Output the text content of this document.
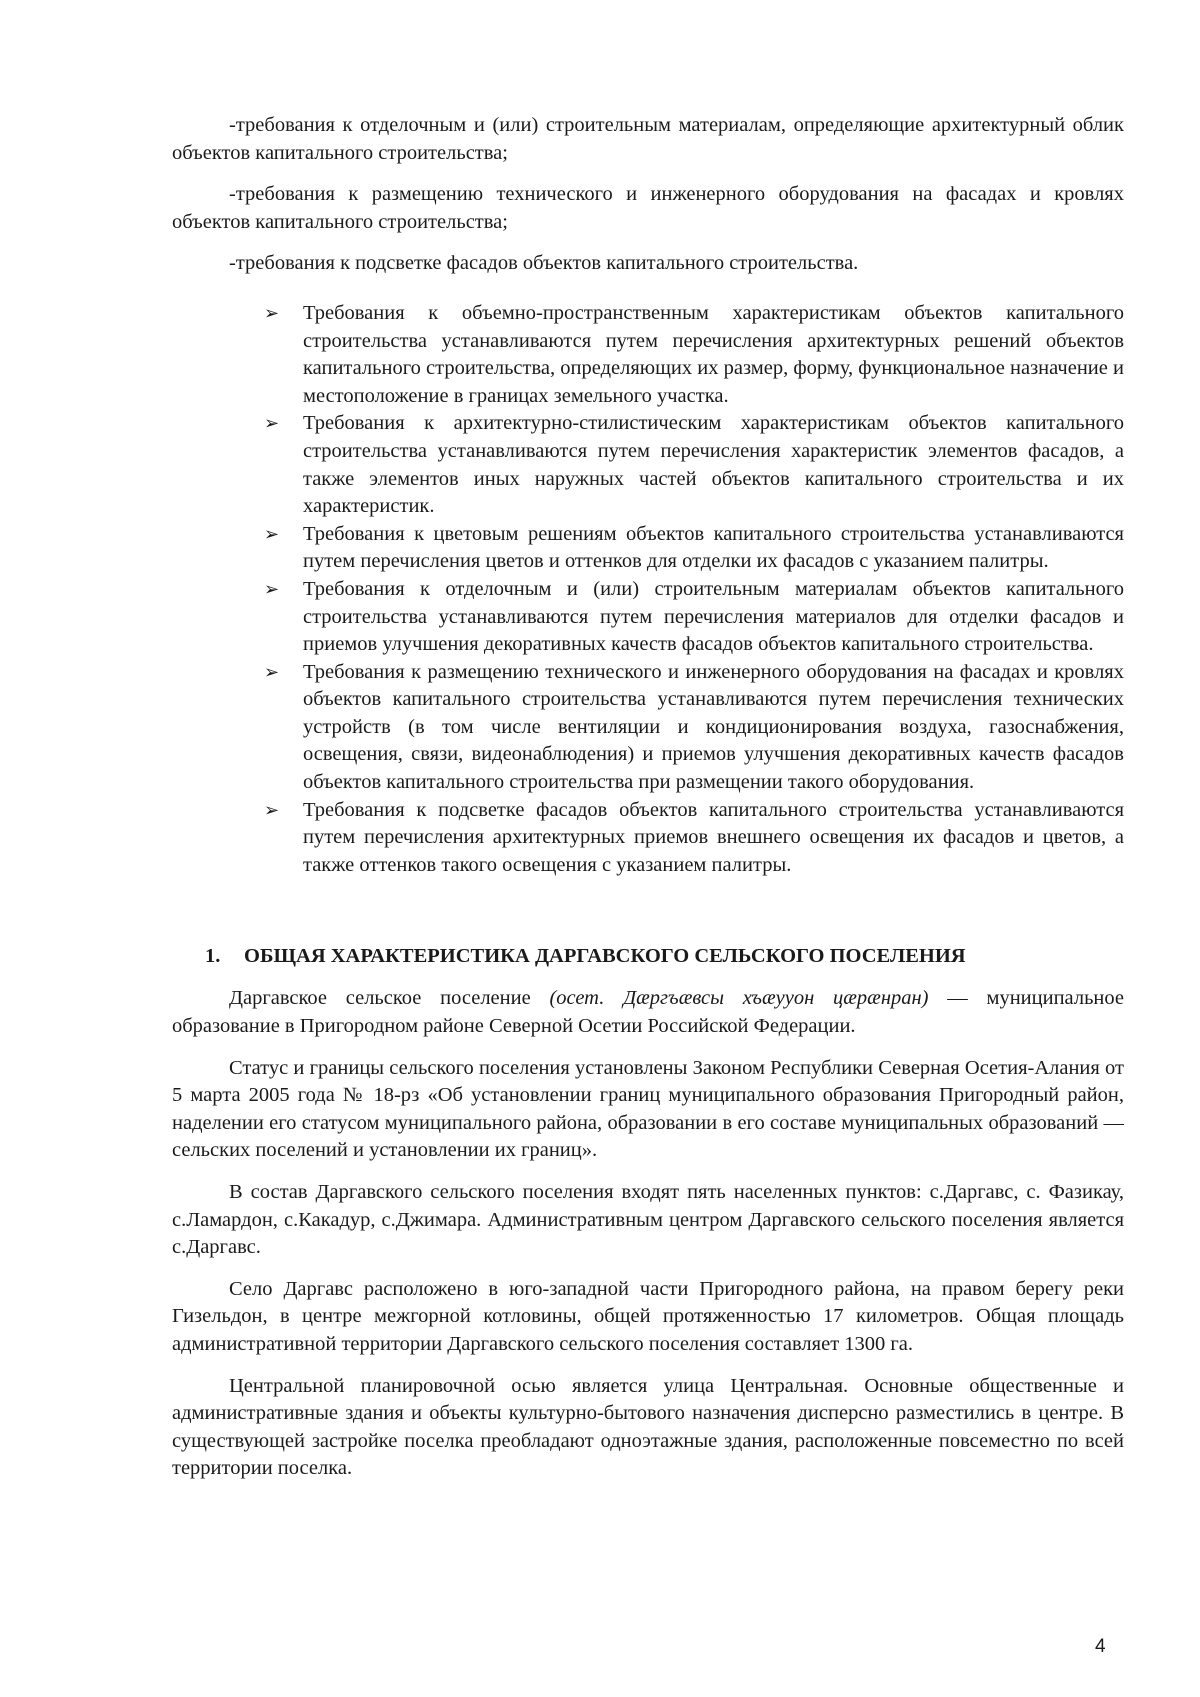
-требования к отделочным и (или) строительным материалам, определяющие архитектурный облик объектов капитального строительства;

-требования к размещению технического и инженерного оборудования на фасадах и кровлях объектов капитального строительства;

-требования к подсветке фасадов объектов капитального строительства.

➢	Требования к объемно-пространственным характеристикам объектов капитального строительства устанавливаются путем перечисления архитектурных решений объектов капитального строительства, определяющих их размер, форму, функциональное назначение и местоположение в границах земельного участка.
➢	Требования к архитектурно-стилистическим характеристикам объектов капитального строительства устанавливаются путем перечисления характеристик элементов фасадов, а также элементов иных наружных частей объектов капитального строительства и их характеристик.
➢	Требования к цветовым решениям объектов капитального строительства устанавливаются путем перечисления цветов и оттенков для отделки их фасадов с указанием палитры.
➢	Требования к отделочным и (или) строительным материалам объектов капитального строительства устанавливаются путем перечисления материалов для отделки фасадов и приемов улучшения декоративных качеств фасадов объектов капитального строительства.
➢	Требования к размещению технического и инженерного оборудования на фасадах и кровлях объектов капитального строительства устанавливаются путем перечисления технических устройств (в том числе вентиляции и кондиционирования воздуха, газоснабжения, освещения, связи, видеонаблюдения) и приемов улучшения декоративных качеств фасадов объектов капитального строительства при размещении такого оборудования.
➢	Требования к подсветке фасадов объектов капитального строительства устанавливаются путем перечисления архитектурных приемов внешнего освещения их фасадов и цветов, а также оттенков такого освещения с указанием палитры.
1. ОБЩАЯ ХАРАКТЕРИСТИКА ДАРГАВСКОГО СЕЛЬСКОГО ПОСЕЛЕНИЯ

Даргавское сельское поселение (осет. Дæргъæвсы хъæууон цæрæнран) — муниципальное образование в Пригородном районе Северной Осетии Российской Федерации.

Статус и границы сельского поселения установлены Законом Республики Северная Осетия-Алания от 5 марта 2005 года № 18-рз «Об установлении границ муниципального образования Пригородный район, наделении его статусом муниципального района, образовании в его составе муниципальных образований — сельских поселений и установлении их границ».

В состав Даргавского сельского поселения входят пять населенных пунктов: с.Даргавс, с. Фазикау, с.Ламардон, с.Какадур, с.Джимара. Административным центром Даргавского сельского поселения является с.Даргавс.

Село Даргавс расположено в юго-западной части Пригородного района, на правом берегу реки Гизельдон, в центре межгорной котловины, общей протяженностью 17 километров. Общая площадь административной территории Даргавского сельского поселения составляет 1300 га.

Центральной планировочной осью является улица Центральная. Основные общественные и административные здания и объекты культурно-бытового назначения дисперсно разместились в центре. В существующей застройке поселка преобладают одноэтажные здания, расположенные повсеместно по всей территории поселка.

4
